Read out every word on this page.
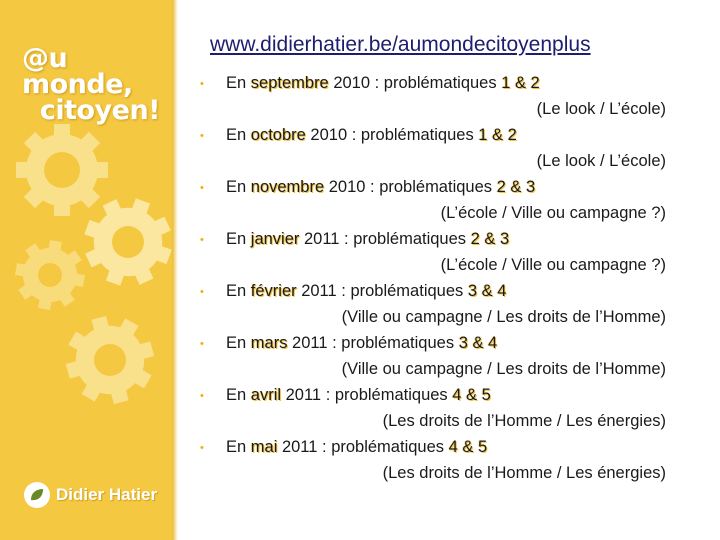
@u monde,
citoyen!
Didier Hatier
www.didierhatier.be/aumondecitoyenplus
• En septembre 2010 : problématiques 1 & 2
(Le look / L’école)
• En octobre 2010 : problématiques 1 & 2
(Le look / L’école)
• En novembre 2010 : problématiques 2 & 3
(L’école / Ville ou campagne ?)
• En janvier 2011 : problématiques 2 & 3
(L’école / Ville ou campagne ?)
• En février 2011 : problématiques 3 & 4
(Ville ou campagne / Les droits de l’Homme)
• En mars 2011 : problématiques 3 & 4
(Ville ou campagne / Les droits de l’Homme)
• En avril 2011 : problématiques 4 & 5
(Les droits de l’Homme / Les énergies)
• En mai 2011 : problématiques 4 & 5
(Les droits de l’Homme / Les énergies)
